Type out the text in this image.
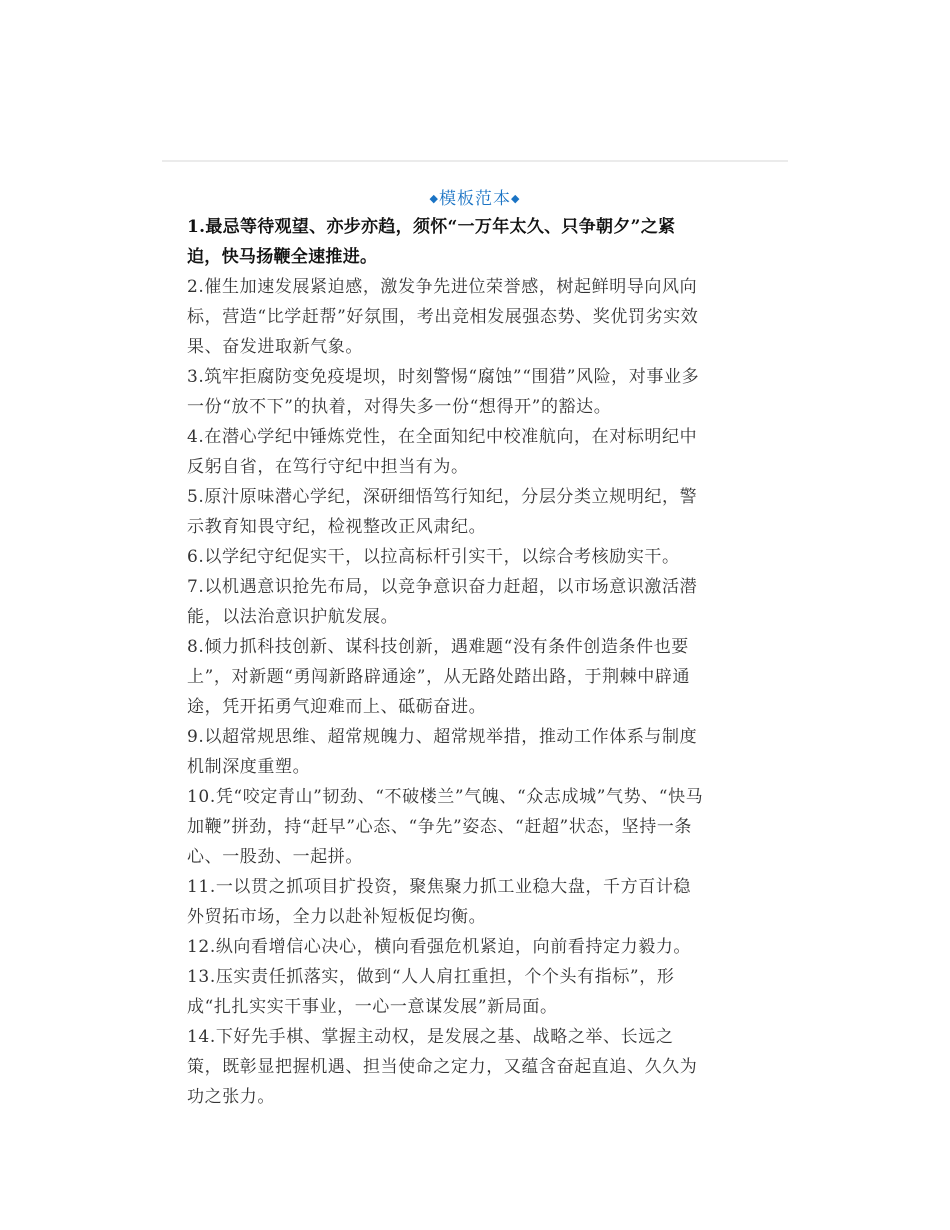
◆模板范本◆
1.最忌等待观望、亦步亦趋，须怀“一万年太久、只争朝夕”之紧
迫，快马扬鞭全速推进。
2.催生加速发展紧迫感，激发争先进位荣誉感，树起鲜明导向风向
标，营造“比学赶帮”好氛围，考出竞相发展强态势、奖优罚劣实效
果、奋发进取新气象。
3.筑牢拒腐防变免疫堤坝，时刻警惕“腐蚀”“围猎”风险，对事业多
一份“放不下”的执着，对得失多一份“想得开”的豁达。
4.在潜心学纪中锤炼党性，在全面知纪中校准航向，在对标明纪中
反躬自省，在笃行守纪中担当有为。
5.原汁原味潜心学纪，深研细悟笃行知纪，分层分类立规明纪，警
示教育知畏守纪，检视整改正风肃纪。
6.以学纪守纪促实干，以拉高标杆引实干，以综合考核励实干。
7.以机遇意识抢先布局，以竞争意识奋力赶超，以市场意识激活潜
能，以法治意识护航发展。
8.倾力抓科技创新、谋科技创新，遇难题“没有条件创造条件也要
上”，对新题“勇闯新路辟通途”，从无路处踏出路，于荆棘中辟通
途，凭开拓勇气迎难而上、砥砺奋进。
9.以超常规思维、超常规魄力、超常规举措，推动工作体系与制度
机制深度重塑。
10.凭“咬定青山”韧劲、“不破楼兰”气魄、“众志成城”气势、“快马
加鞭”拼劲，持“赶早”心态、“争先”姿态、“赶超”状态，坚持一条
心、一股劲、一起拼。
11.一以贯之抓项目扩投资，聚焦聚力抓工业稳大盘，千方百计稳
外贸拓市场，全力以赴补短板促均衡。
12.纵向看增信心决心，横向看强危机紧迫，向前看持定力毅力。
13.压实责任抓落实，做到“人人肩扛重担，个个头有指标”，形
成“扎扎实实干事业，一心一意谋发展”新局面。
14.下好先手棋、掌握主动权，是发展之基、战略之举、长远之
策，既彰显把握机遇、担当使命之定力，又蕴含奋起直追、久久为
功之张力。
